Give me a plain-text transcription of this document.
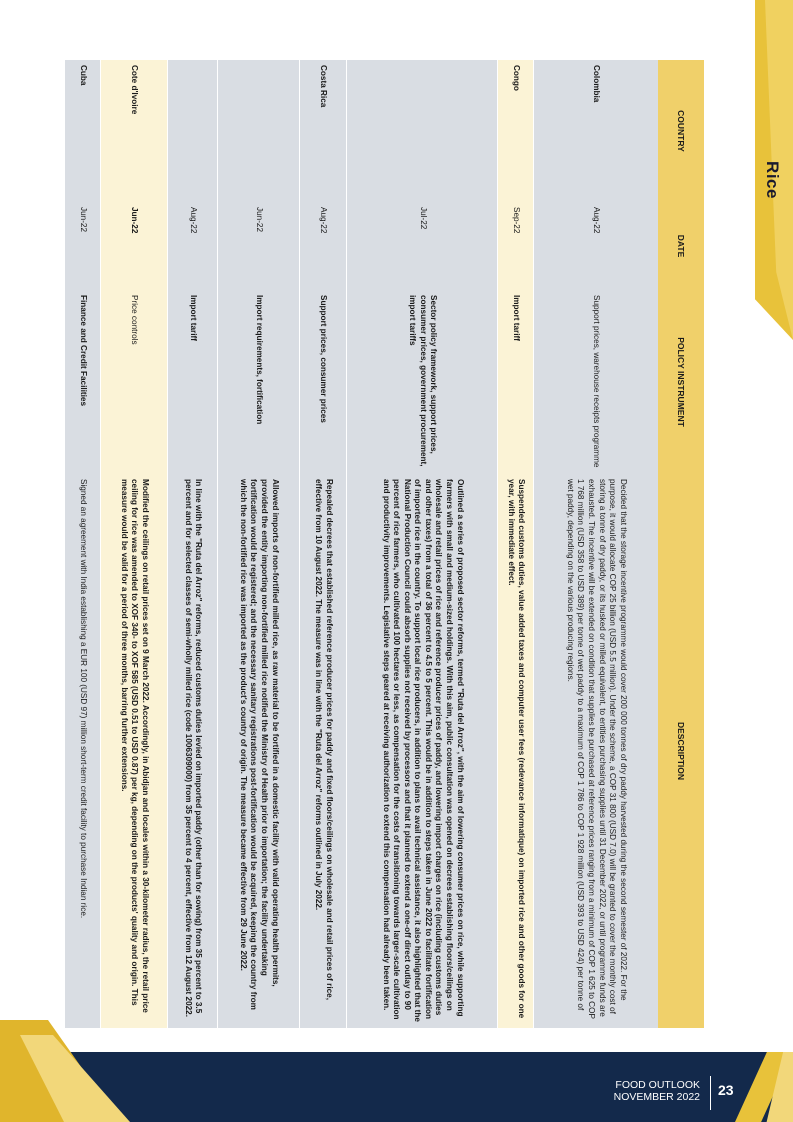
Rice
FOOD OUTLOOK
NOVEMBER 2022 23
COUNTRY	DATE	POLICY INSTRUMENT	DESCRIPTION
Colombia	Aug-22	Support prices, warehouse receipts programme	Decided that the storage incentive programme would cover 200 000 tonnes of dry paddy harvested during the second semester of 2022. For the purpose, it would allocate COP 25 billion (USD 5.5 million). Under the scheme, a COP 31 800 (USD 7.0) will be granted to cover the monthly cost of storing a tonne of dry paddy, or its husked or milled equivalent, to entities purchasing supplies until 31 December 2022, or until programme funds are exhausted. The incentive will be extended on condition that supplies be purchased at reference prices ranging from a minimum of COP 1 625 to COP 1 768 million (USD 358 to USD 389) per tonne of wet paddy to a maximum of COP 1 786 to COP 1 928 million (USD 393 to USD 424) per tonne of wet paddy, depending on the various producing regions.
Congo	Sep-22	Import tariff	Suspended customs duties, value added taxes and computer user fees (redevance informatique) on imported rice and other goods for one year, with immediate effect.
	Jul-22	Sector policy framework, support prices, consumer prices, government procurement, import tariffs	Outlined a series of proposed sector reforms, termed "Ruta del Arroz", with the aim of lowering consumer prices on rice, while supporting farmers with small and medium-sized holdings. With this aim, public consultation was opened on decrees establishing floors/ceilings on wholesale and retail prices of rice and reference producer prices of paddy, and lowering import charges on rice (including customs duties and other taxes) from a total of 36 percent to 4.5 to 5 percent. This would be in addition to steps taken in June 2022 to facilitate fortification of imported rice in the country. To support local rice producers, in addition to plans to avail technical assistance, it also highlighted that the National Production Council could absorb supplies not received by processors and that it planned to extend a one-off direct outlay to 90 percent of rice farmers, who cultivated 100 hectares or less, as compensation for the costs of transitioning towards larger-scale cultivation and productivity improvements. Legislative steps geared at receiving authorization to extend this compensation had already been taken.
Costa Rica	Aug-22	Support prices, consumer prices	Repealed decrees that established reference producer prices for paddy and fixed floors/ceilings on wholesale and retail prices of rice, effective from 10 August 2022. The measure was in line with the "Ruta del Arroz" reforms outlined in July 2022.
	Jun-22	Import requirements, fortification	Allowed imports of non-fortified milled rice, as raw material to be fortified in a domestic facility with valid operating health permits, provided the entity importing non-fortified milled rice notified the Ministry of Health prior to importation; the facility undertaking fortification would be registered; and the necessary sanitary registrations post-fortification would be acquired, keeping the country from which the non-fortified rice was imported as the product's country of origin. The measure became effective from 29 June 2022.
	Aug-22	Import tariff	In line with the "Ruta del Arroz" reforms, reduced customs duties levied on imported paddy (other than for sowing) from 35 percent to 3.5 percent and for selected classes of semi-wholly milled rice (code 1006309000) from 35 percent to 4 percent, effective from 12 August 2022.
Cote d'Ivoire	Jun-22	Price controls	Modified the ceilings on retail prices set on 9 March 2022. Accordingly, in Abidjan and locales within a 30-kilometer radius, the retail price ceiling for rice was amended to XOF 340- to XOF 585 (USD 0.51 to USD 0.87) per kg, depending on the products' quality and origin. This measure would be valid for a period of three months, barring further extensions.
Cuba	Jun-22	Finance and Credit Facilities	Signed an agreement with India establishing a EUR 100 (USD 97) million short-term credit facility to purchase Indian rice.
